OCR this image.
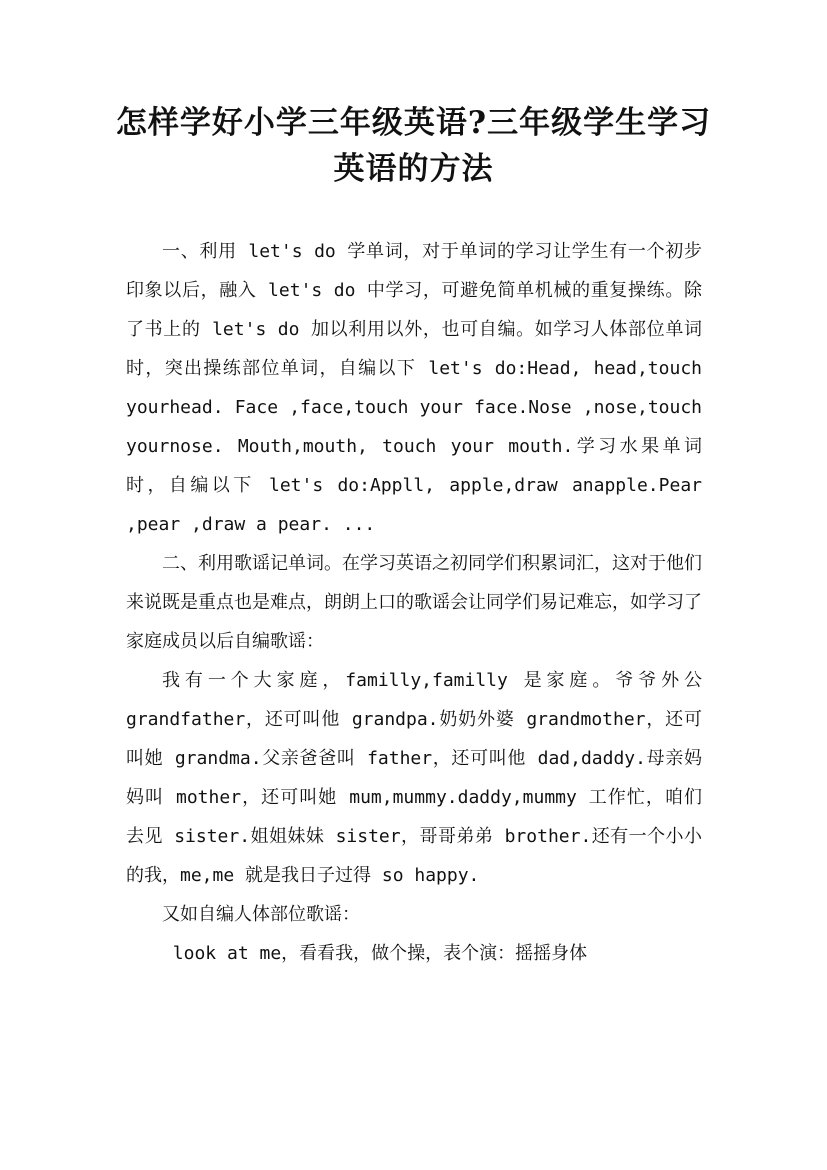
怎样学好小学三年级英语?三年级学生学习
英语的方法

一、利用 let's do 学单词，对于单词的学习让学生有一个初步印象以后，融入 let's do 中学习，可避免简单机械的重复操练。除了书上的 let's do 加以利用以外，也可自编。如学习人体部位单词时，突出操练部位单词，自编以下 let's do:Head, head,touch yourhead. Face ,face,touch your face.Nose ,nose,touch yournose. Mouth,mouth, touch your mouth.学习水果单词时，自编以下 let's do:Appll, apple,draw anapple.Pear ,pear ,draw a pear. ...

二、利用歌谣记单词。在学习英语之初同学们积累词汇，这对于他们来说既是重点也是难点，朗朗上口的歌谣会让同学们易记难忘，如学习了家庭成员以后自编歌谣：

我有一个大家庭，familly,familly 是家庭。爷爷外公 grandfather，还可叫他 grandpa.奶奶外婆 grandmother，还可叫她 grandma.父亲爸爸叫 father，还可叫他 dad,daddy.母亲妈妈叫 mother，还可叫她 mum,mummy.daddy,mummy 工作忙，咱们去见 sister.姐姐妹妹 sister，哥哥弟弟 brother.还有一个小小的我，me,me 就是我日子过得 so happy.

又如自编人体部位歌谣：

look at me，看看我，做个操，表个演：摇摇身体
